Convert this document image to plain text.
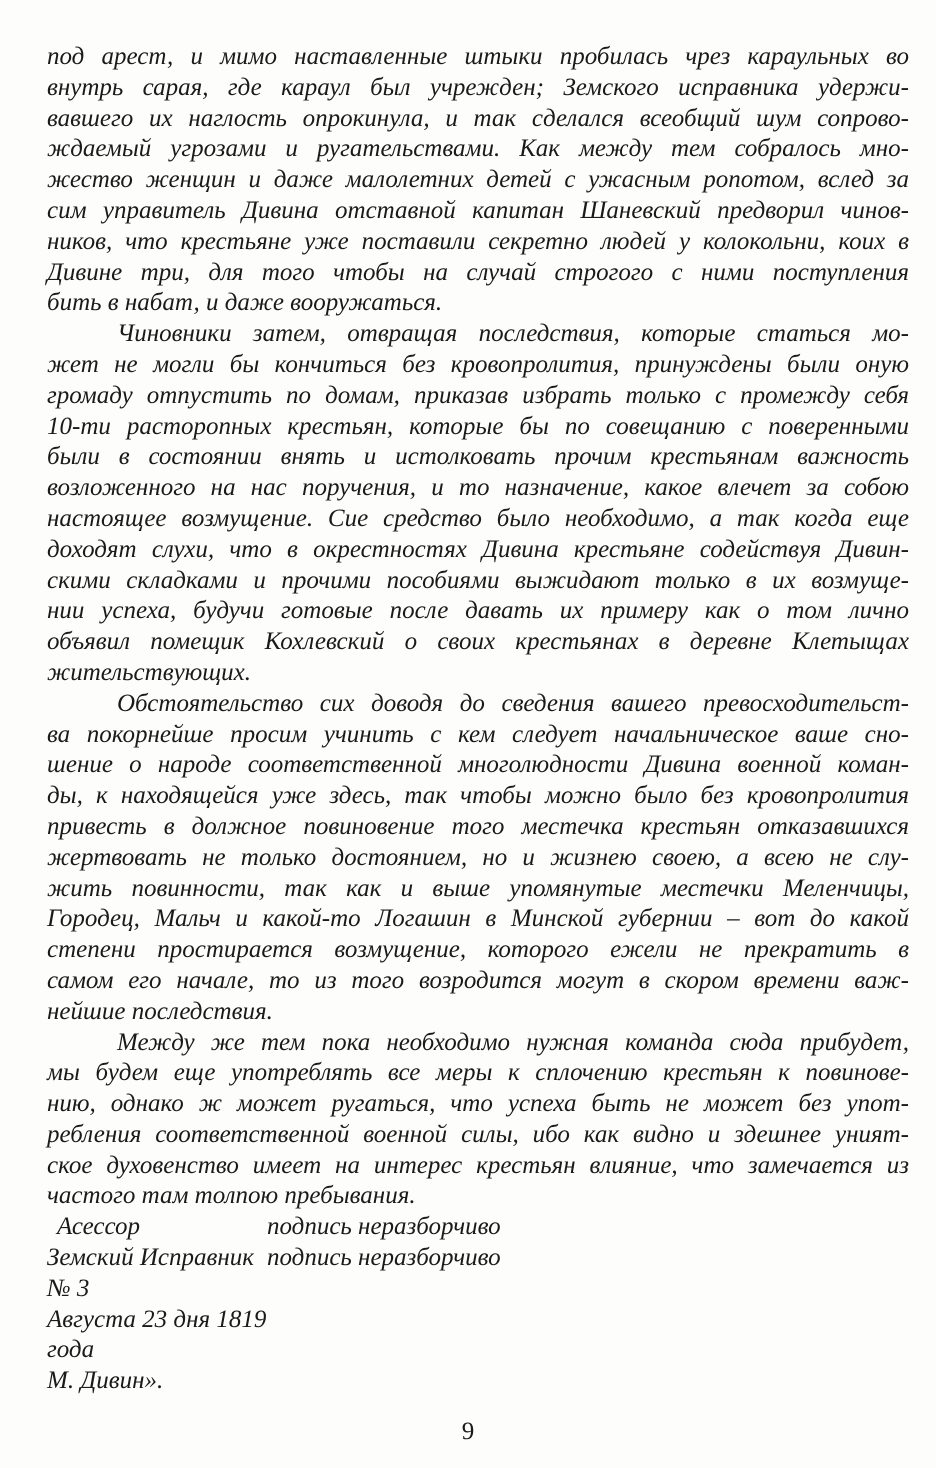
под арест, и мимо наставленные штыки пробилась чрез караульных во
внутрь сарая, где караул был учрежден; Земского исправника удержи-
вавшего их наглость опрокинула, и так сделался всеобщий шум сопрово-
ждаемый угрозами и ругательствами. Как между тем собралось мно-
жество женщин и даже малолетних детей с ужасным ропотом, вслед за
сим управитель Дивина отставной капитан Шаневский предворил чинов-
ников, что крестьяне уже поставили секретно людей у колокольни, коих в
Дивине три, для того чтобы на случай строгого с ними поступления
бить в набат, и даже вооружаться.
Чиновники затем, отвращая последствия, которые статься мо-
жет не могли бы кончиться без кровопролития, принуждены были оную
громаду отпустить по домам, приказав избрать только с промежду себя
10-ти расторопных крестьян, которые бы по совещанию с поверенными
были в состоянии внять и истолковать прочим крестьянам важность
возложенного на нас поручения, и то назначение, какое влечет за собою
настоящее возмущение. Сие средство было необходимо, а так когда еще
доходят слухи, что в окрестностях Дивина крестьяне содействуя Дивин-
скими складками и прочими пособиями выжидают только в их возмуще-
нии успеха, будучи готовые после давать их примеру как о том лично
объявил помещик Кохлевский о своих крестьянах в деревне Клетыщах
жительствующих.
Обстоятельство сих доводя до сведения вашего превосходительст-
ва покорнейше просим учинить с кем следует начальническое ваше сно-
шение о народе соответственной многолюдности Дивина военной коман-
ды, к находящейся уже здесь, так чтобы можно было без кровопролития
привесть в должное повиновение того местечка крестьян отказавшихся
жертвовать не только достоянием, но и жизнею своею, а всею не слу-
жить повинности, так как и выше упомянутые местечки Меленчицы,
Городец, Мальч и какой-то Логашин в Минской губернии – вот до какой
степени простирается возмущение, которого ежели не прекратить в
самом его начале, то из того возродится могут в скором времени важ-
нейшие последствия.
Между же тем пока необходимо нужная команда сюда прибудет,
мы будем еще употреблять все меры к сплочению крестьян к повинове-
нию, однако ж может ругаться, что успеха быть не может без упот-
ребления соответственной военной силы, ибо как видно и здешнее уният-
ское духовенство имеет на интерес крестьян влияние, что замечается из
частого там толпою пребывания.
Асессор	подпись неразборчиво
Земский Исправник подпись неразборчиво
№ 3
Августа 23 дня 1819 года
М. Дивин».
9
